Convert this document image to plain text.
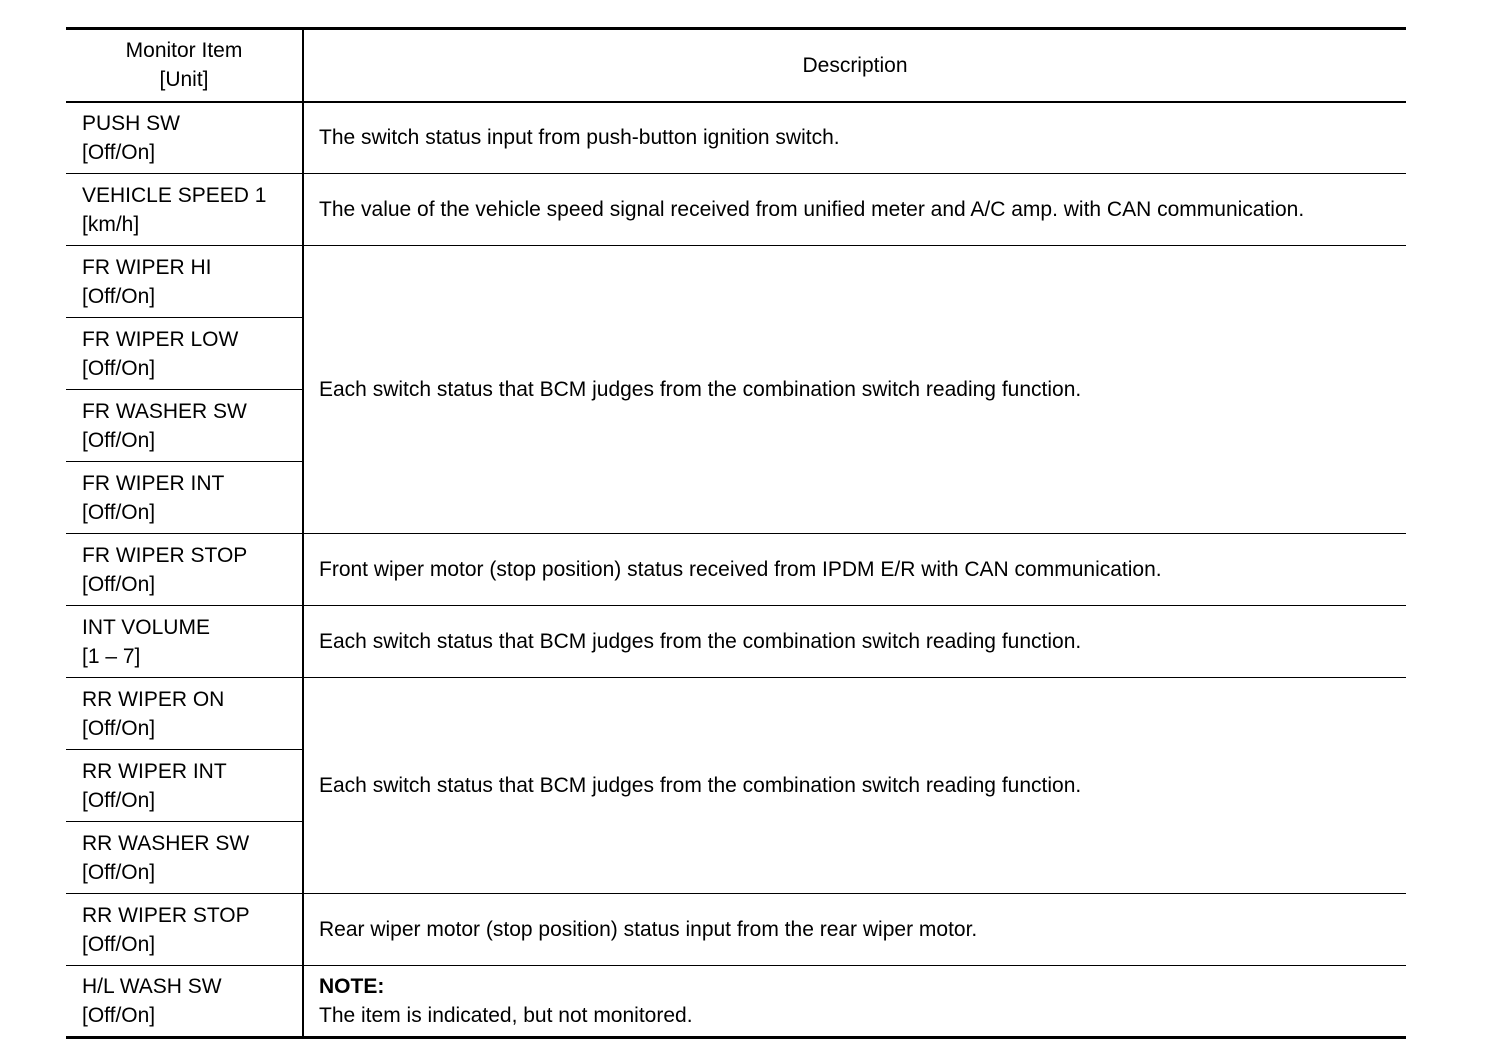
Monitor Item
[Unit]	Description

PUSH SW
[Off/On]	The switch status input from push-button ignition switch.

VEHICLE SPEED 1
[km/h]	The value of the vehicle speed signal received from unified meter and A/C amp. with CAN communication.

FR WIPER HI
[Off/On]	Each switch status that BCM judges from the combination switch reading function.

FR WIPER LOW
[Off/On]	

FR WASHER SW
[Off/On]	

FR WIPER INT
[Off/On]	

FR WIPER STOP
[Off/On]	Front wiper motor (stop position) status received from IPDM E/R with CAN communication.

INT VOLUME
[1 – 7]	Each switch status that BCM judges from the combination switch reading function.

RR WIPER ON
[Off/On]	Each switch status that BCM judges from the combination switch reading function.

RR WIPER INT
[Off/On]	

RR WASHER SW
[Off/On]	

RR WIPER STOP
[Off/On]	Rear wiper motor (stop position) status input from the rear wiper motor.

H/L WASH SW
[Off/On]	NOTE:
The item is indicated, but not monitored.
